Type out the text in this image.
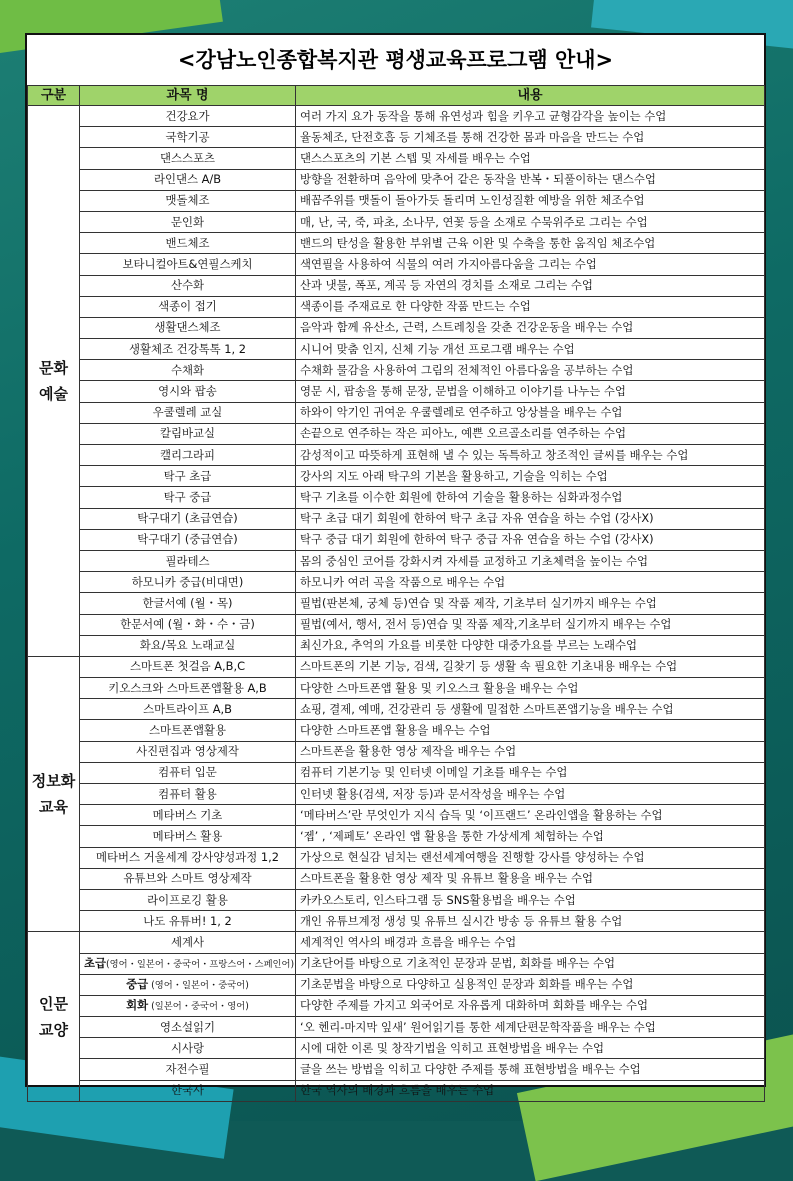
<강남노인종합복지관 평생교육프로그램 안내>
구분	과목 명	내용
문화
예술	건강요가	여러 가지 요가 동작을 통해 유연성과 힘을 키우고 균형감각을 높이는 수업
	국학기공	율동체조, 단전호흡 등 기체조를 통해 건강한 몸과 마음을 만드는 수업
	댄스스포츠	댄스스포츠의 기본 스텝 및 자세를 배우는 수업
	라인댄스 A/B	방향을 전환하며 음악에 맞추어 같은 동작을 반복・되풀이하는 댄스수업
	맷돌체조	배꼽주위를 맷돌이 돌아가듯 돌리며 노인성질환 예방을 위한 체조수업
	문인화	매, 난, 국, 죽, 파초, 소나무, 연꽃 등을 소재로 수묵위주로 그리는 수업
	밴드체조	밴드의 탄성을 활용한 부위별 근육 이완 및 수축을 통한 움직임 체조수업
	보타니컬아트&연필스케치	색연필을 사용하여 식물의 여러 가지아름다움을 그리는 수업
	산수화	산과 냇물, 폭포, 계곡 등 자연의 경치를 소재로 그리는 수업
	색종이 접기	색종이를 주재료로 한 다양한 작품 만드는 수업
	생활댄스체조	음악과 함께 유산소, 근력, 스트레칭을 갖춘 건강운동을 배우는 수업
	생활체조 건강톡톡 1, 2	시니어 맞춤 인지, 신체 기능 개선 프로그램 배우는 수업
	수채화	수채화 물감을 사용하여 그림의 전체적인 아름다움을 공부하는 수업
	영시와 팝송	영문 시, 팝송을 통해 문장, 문법을 이해하고 이야기를 나누는 수업
	우쿨렐레 교실	하와이 악기인 귀여운 우쿨렐레로 연주하고 앙상블을 배우는 수업
	칼림바교실	손끝으로 연주하는 작은 피아노, 예쁜 오르골소리를 연주하는 수업
	캘리그라피	감성적이고 따뜻하게 표현해 낼 수 있는 독특하고 창조적인 글씨를 배우는 수업
	탁구 초급	강사의 지도 아래 탁구의 기본을 활용하고, 기술을 익히는 수업
	탁구 중급	탁구 기초를 이수한 회원에 한하여 기술을 활용하는 심화과정수업
	탁구대기 (초급연습)	탁구 초급 대기 회원에 한하여 탁구 초급 자유 연습을 하는 수업 (강사X)
	탁구대기 (중급연습)	탁구 중급 대기 회원에 한하여 탁구 중급 자유 연습을 하는 수업 (강사X)
	필라테스	몸의 중심인 코어를 강화시켜 자세를 교정하고 기초체력을 높이는 수업
	하모니카 중급(비대면)	하모니카 여러 곡을 작품으로 배우는 수업
	한글서예 (월・목)	필법(판본체, 궁체 등)연습 및 작품 제작, 기초부터 실기까지 배우는 수업
	한문서예 (월・화・수・금)	필법(예서, 행서, 전서 등)연습 및 작품 제작,기초부터 실기까지 배우는 수업
	화요/목요 노래교실	최신가요, 추억의 가요를 비롯한 다양한 대중가요를 부르는 노래수업
정보화
교육	스마트폰 첫걸음 A,B,C	스마트폰의 기본 기능, 검색, 길찾기 등 생활 속 필요한 기초내용 배우는 수업
	키오스크와 스마트폰앱활용 A,B	다양한 스마트폰앱 활용 및 키오스크 활용을 배우는 수업
	스마트라이프 A,B	쇼핑, 결제, 예매, 건강관리 등 생활에 밀접한 스마트폰앱기능을 배우는 수업
	스마트폰앱활용	다양한 스마트폰앱 활용을 배우는 수업
	사진편집과 영상제작	스마트폰을 활용한 영상 제작을 배우는 수업
	컴퓨터 입문	컴퓨터 기본기능 및 인터넷 이메일 기초를 배우는 수업
	컴퓨터 활용	인터넷 활용(검색, 저장 등)과 문서작성을 배우는 수업
	메타버스 기초	‘메타버스’란 무엇인가 지식 습득 및 ‘이프랜드’ 온라인앱을 활용하는 수업
	메타버스 활용	‘젭’ , ‘제페토’ 온라인 앱 활용을 통한 가상세계 체험하는 수업
	메타버스 거울세계 강사양성과정 1,2	가상으로 현실감 넘치는 랜선세계여행을 진행할 강사를 양성하는 수업
	유튜브와 스마트 영상제작	스마트폰을 활용한 영상 제작 및 유튜브 활용을 배우는 수업
	라이프로깅 활용	카카오스토리, 인스타그램 등 SNS활용법을 배우는 수업
	나도 유튜버! 1, 2	개인 유튜브계정 생성 및 유튜브 실시간 방송 등 유튜브 활용 수업
인문
교양	세계사	세계적인 역사의 배경과 흐름을 배우는 수업
	초급(영어・일본어・중국어・프랑스어・스페인어)	기초단어를 바탕으로 기초적인 문장과 문법, 회화를 배우는 수업
	중급 (영어・일본어・중국어)	기초문법을 바탕으로 다양하고 실용적인 문장과 회화를 배우는 수업
	회화 (일본어・중국어・영어)	다양한 주제를 가지고 외국어로 자유롭게 대화하며 회화를 배우는 수업
	영소설읽기	‘오 헨리-마지막 잎새’ 원어읽기를 통한 세계단편문학작품을 배우는 수업
	시사랑	시에 대한 이론 및 창작기법을 익히고 표현방법을 배우는 수업
	자전수필	글을 쓰는 방법을 익히고 다양한 주제를 통해 표현방법을 배우는 수업
	한국사	한국 역사의 배경과 흐름을 배우는 수업
